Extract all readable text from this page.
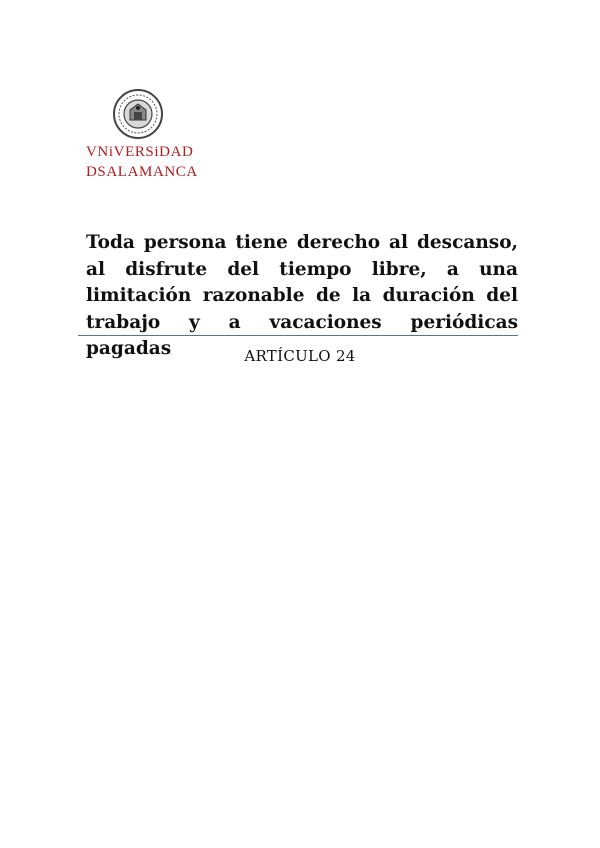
VNiVERSiDAD
DSALAMANCA
Toda persona tiene derecho al descanso, al disfrute del tiempo libre, a una limitación razonable de la duración del trabajo y a vacaciones periódicas pagadas	ARTÍCULO 24
